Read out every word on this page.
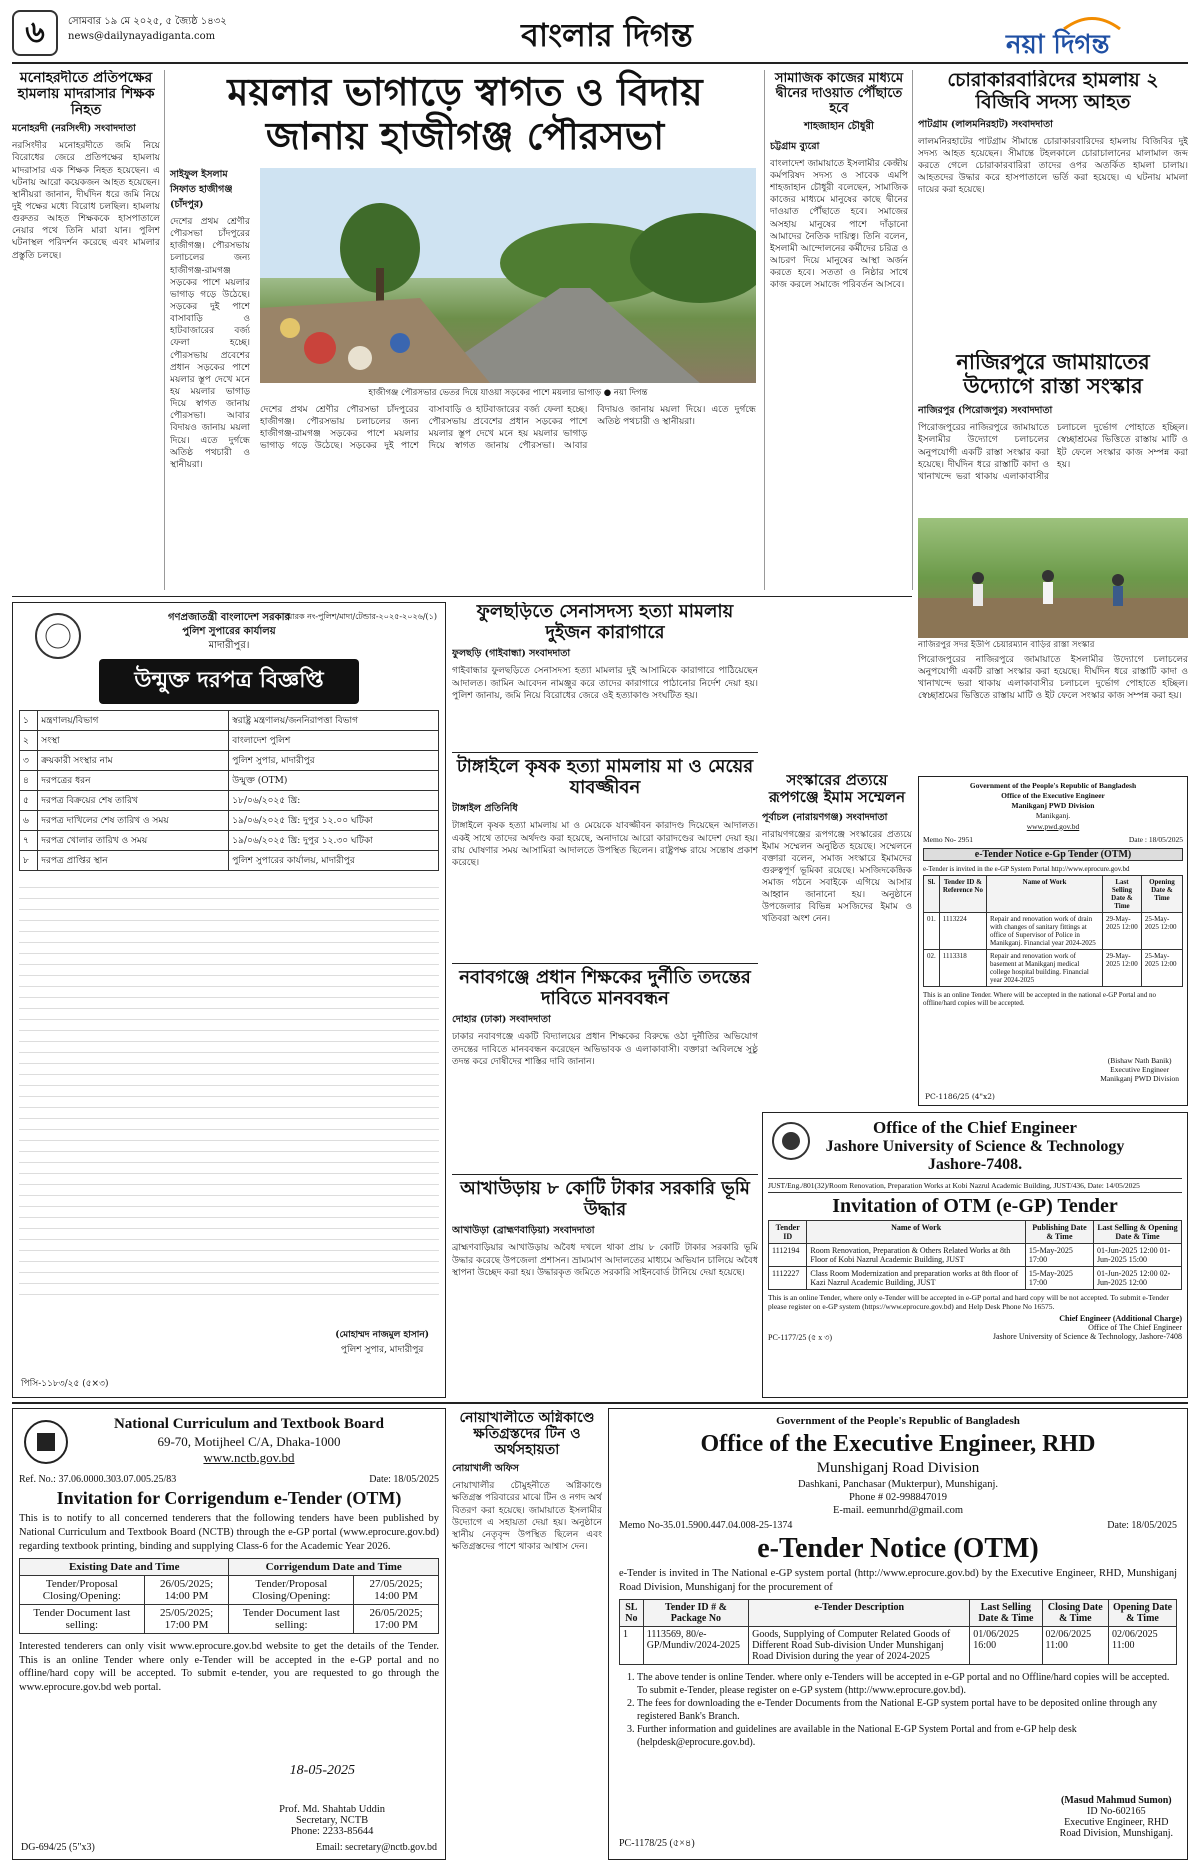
৬ সোমবার ১৯ মে ২০২৫, ৫ জ্যৈষ্ঠ ১৪৩২
news@dailynayadiganta.com	বাংলার দিগন্ত	নয়া দিগন্ত
মনোহরদীতে প্রতিপক্ষের হামলায় মাদরাসার শিক্ষক নিহত
মনোহরদী (নরসিংদী) সংবাদদাতা
নরসিংদীর মনোহরদীতে জমি নিয়ে বিরোধের জেরে প্রতিপক্ষের হামলায় মাদরাসার এক শিক্ষক নিহত হয়েছেন। এ ঘটনায় আরো কয়েকজন আহত হয়েছেন। স্থানীয়রা জানান, দীর্ঘদিন ধরে জমি নিয়ে দুই পক্ষের মধ্যে বিরোধ চলছিল। হামলায় গুরুতর আহত শিক্ষককে হাসপাতালে নেয়ার পথে তিনি মারা যান। পুলিশ ঘটনাস্থল পরিদর্শন করেছে এবং মামলার প্রস্তুতি চলছে।
ময়লার ভাগাড়ে স্বাগত ও বিদায় জানায় হাজীগঞ্জ পৌরসভা
সাইফুল ইসলাম সিফাত হাজীগঞ্জ (চাঁদপুর)
দেশের প্রথম শ্রেণীর পৌরসভা চাঁদপুরের হাজীগঞ্জ। পৌরসভায় চলাচলের জন্য হাজীগঞ্জ-রামগঞ্জ সড়কের পাশে ময়লার ভাগাড় গড়ে উঠেছে। সড়কের দুই পাশে বাসাবাড়ি ও হাটবাজারের বর্জ্য ফেলা হচ্ছে। পৌরসভায় প্রবেশের প্রধান সড়কের পাশে ময়লার স্তূপ দেখে মনে হয় ময়লার ভাগাড় দিয়ে স্বাগত জানায় পৌরসভা। আবার বিদায়ও জানায় ময়লা দিয়ে। এতে দুর্গন্ধে অতিষ্ঠ পথচারী ও স্থানীয়রা।
হাজীগঞ্জ পৌরসভার ভেতর দিয়ে যাওয়া সড়কের পাশে ময়লার ভাগাড় ● নয়া দিগন্ত
দেশের প্রথম শ্রেণীর পৌরসভা চাঁদপুরের হাজীগঞ্জ। পৌরসভায় চলাচলের জন্য হাজীগঞ্জ-রামগঞ্জ সড়কের পাশে ময়লার ভাগাড় গড়ে উঠেছে। সড়কের দুই পাশে বাসাবাড়ি ও হাটবাজারের বর্জ্য ফেলা হচ্ছে। পৌরসভায় প্রবেশের প্রধান সড়কের পাশে ময়লার স্তূপ দেখে মনে হয় ময়লার ভাগাড় দিয়ে স্বাগত জানায় পৌরসভা। আবার বিদায়ও জানায় ময়লা দিয়ে। এতে দুর্গন্ধে অতিষ্ঠ পথচারী ও স্থানীয়রা।
সামাজিক কাজের মাধ্যমে দ্বীনের দাওয়াত পৌঁছাতে হবে
শাহজাহান চৌধুরী
চট্টগ্রাম ব্যুরো
বাংলাদেশ জামায়াতে ইসলামীর কেন্দ্রীয় কর্মপরিষদ সদস্য ও সাবেক এমপি শাহজাহান চৌধুরী বলেছেন, সামাজিক কাজের মাধ্যমে মানুষের কাছে দ্বীনের দাওয়াত পৌঁছাতে হবে। সমাজের অসহায় মানুষের পাশে দাঁড়ানো আমাদের নৈতিক দায়িত্ব। তিনি বলেন, ইসলামী আন্দোলনের কর্মীদের চরিত্র ও আচরণ দিয়ে মানুষের আস্থা অর্জন করতে হবে। সততা ও নিষ্ঠার সাথে কাজ করলে সমাজে পরিবর্তন আসবে।
চোরাকারবারিদের হামলায় ২ বিজিবি সদস্য আহত
পাটগ্রাম (লালমনিরহাট) সংবাদদাতা
লালমনিরহাটের পাটগ্রাম সীমান্তে চোরাকারবারিদের হামলায় বিজিবির দুই সদস্য আহত হয়েছেন। সীমান্তে টহলকালে চোরাচালানের মালামাল জব্দ করতে গেলে চোরাকারবারিরা তাদের ওপর অতর্কিত হামলা চালায়। আহতদের উদ্ধার করে হাসপাতালে ভর্তি করা হয়েছে। এ ঘটনায় মামলা দায়ের করা হয়েছে।
নাজিরপুরে জামায়াতের উদ্যোগে রাস্তা সংস্কার
নাজিরপুর (পিরোজপুর) সংবাদদাতা
পিরোজপুরের নাজিরপুরে জামায়াতে ইসলামীর উদ্যোগে চলাচলের অনুপযোগী একটি রাস্তা সংস্কার করা হয়েছে। দীর্ঘদিন ধরে রাস্তাটি কাদা ও খানাখন্দে ভরা থাকায় এলাকাবাসীর চলাচলে দুর্ভোগ পোহাতে হচ্ছিল। স্বেচ্ছাশ্রমের ভিত্তিতে রাস্তায় মাটি ও ইট ফেলে সংস্কার কাজ সম্পন্ন করা হয়।
নাজিরপুর সদর ইউপি চেয়ারম্যান বাড়ির রাস্তা সংস্কার
পিরোজপুরের নাজিরপুরে জামায়াতে ইসলামীর উদ্যোগে চলাচলের অনুপযোগী একটি রাস্তা সংস্কার করা হয়েছে। দীর্ঘদিন ধরে রাস্তাটি কাদা ও খানাখন্দে ভরা থাকায় এলাকাবাসীর চলাচলে দুর্ভোগ পোহাতে হচ্ছিল। স্বেচ্ছাশ্রমের ভিত্তিতে রাস্তায় মাটি ও ইট ফেলে সংস্কার কাজ সম্পন্ন করা হয়।
গণপ্রজাতন্ত্রী বাংলাদেশ সরকার
পুলিশ সুপারের কার্যালয়
মাদারীপুর।
স্মারক নং-পুলিশ/মাদা/টেন্ডার-২০২৫-২০২৬/(১)
উন্মুক্ত দরপত্র বিজ্ঞপ্তি
১	মন্ত্রণালয়/বিভাগ	স্বরাষ্ট্র মন্ত্রণালয়/জননিরাপত্তা বিভাগ
২	সংস্থা	বাংলাদেশ পুলিশ
৩	ক্রয়কারী সংস্থার নাম	পুলিশ সুপার, মাদারীপুর
৪	দরপত্রের ধরন	উন্মুক্ত (OTM)
৫	দরপত্র বিক্রয়ের শেষ তারিখ	১৮/০৬/২০২৫ খ্রি:
৬	দরপত্র দাখিলের শেষ তারিখ ও সময়	১৯/০৬/২০২৫ খ্রি: দুপুর ১২.০০ ঘটিকা
৭	দরপত্র খোলার তারিখ ও সময়	১৯/০৬/২০২৫ খ্রি: দুপুর ১২.৩০ ঘটিকা
৮	দরপত্র প্রাপ্তির স্থান	পুলিশ সুপারের কার্যালয়, মাদারীপুর
(মোহাম্মদ নাজমুল হাসান)
পুলিশ সুপার, মাদারীপুর
পিসি-১১৮৩/২৫ (৫×৩)
ফুলছড়িতে সেনাসদস্য হত্যা মামলায় দুইজন কারাগারে
ফুলছড়ি (গাইবান্ধা) সংবাদদাতা
গাইবান্ধার ফুলছড়িতে সেনাসদস্য হত্যা মামলার দুই আসামিকে কারাগারে পাঠিয়েছেন আদালত। জামিন আবেদন নামঞ্জুর করে তাদের কারাগারে পাঠানোর নির্দেশ দেয়া হয়। পুলিশ জানায়, জমি নিয়ে বিরোধের জেরে ওই হত্যাকাণ্ড সংঘটিত হয়।
টাঙ্গাইলে কৃষক হত্যা মামলায় মা ও মেয়ের যাবজ্জীবন
টাঙ্গাইল প্রতিনিধি
টাঙ্গাইলে কৃষক হত্যা মামলায় মা ও মেয়েকে যাবজ্জীবন কারাদণ্ড দিয়েছেন আদালত। একই সাথে তাদের অর্থদণ্ড করা হয়েছে, অনাদায়ে আরো কারাদণ্ডের আদেশ দেয়া হয়। রায় ঘোষণার সময় আসামিরা আদালতে উপস্থিত ছিলেন। রাষ্ট্রপক্ষ রায়ে সন্তোষ প্রকাশ করেছে।
নবাবগঞ্জে প্রধান শিক্ষকের দুর্নীতি তদন্তের দাবিতে মানববন্ধন
দোহার (ঢাকা) সংবাদদাতা
ঢাকার নবাবগঞ্জে একটি বিদ্যালয়ের প্রধান শিক্ষকের বিরুদ্ধে ওঠা দুর্নীতির অভিযোগ তদন্তের দাবিতে মানববন্ধন করেছেন অভিভাবক ও এলাকাবাসী। বক্তারা অবিলম্বে সুষ্ঠু তদন্ত করে দোষীদের শাস্তির দাবি জানান।
আখাউড়ায় ৮ কোটি টাকার সরকারি ভূমি উদ্ধার
আখাউড়া (ব্রাহ্মণবাড়িয়া) সংবাদদাতা
ব্রাহ্মণবাড়িয়ার আখাউড়ায় অবৈধ দখলে থাকা প্রায় ৮ কোটি টাকার সরকারি ভূমি উদ্ধার করেছে উপজেলা প্রশাসন। ভ্রাম্যমাণ আদালতের মাধ্যমে অভিযান চালিয়ে অবৈধ স্থাপনা উচ্ছেদ করা হয়। উদ্ধারকৃত জমিতে সরকারি সাইনবোর্ড টানিয়ে দেয়া হয়েছে।
সংস্কারের প্রত্যয়ে রূপগঞ্জে ইমাম সম্মেলন
পূর্বাচল (নারায়ণগঞ্জ) সংবাদদাতা
নারায়ণগঞ্জের রূপগঞ্জে সংস্কারের প্রত্যয়ে ইমাম সম্মেলন অনুষ্ঠিত হয়েছে। সম্মেলনে বক্তারা বলেন, সমাজ সংস্কারে ইমামদের গুরুত্বপূর্ণ ভূমিকা রয়েছে। মসজিদকেন্দ্রিক সমাজ গঠনে সবাইকে এগিয়ে আসার আহ্বান জানানো হয়। অনুষ্ঠানে উপজেলার বিভিন্ন মসজিদের ইমাম ও খতিবরা অংশ নেন।
Government of the People's Republic of Bangladesh
Office of the Executive Engineer
Manikganj PWD Division
Manikganj.
www.pwd.gov.bd
Memo No- 2951	Date : 18/05/2025
e-Tender Notice e-Gp Tender (OTM)
e-Tender is invited in the e-GP System Portal http://www.eprocure.gov.bd
Sl.	Tender ID & Reference No	Name of Work	Last Selling Date & Time	Opening Date & Time
01.	1113224	Repair and renovation work of drain with changes of sanitary fittings at office of Supervisor of Police in Manikganj. Financial year 2024-2025	29-May-2025 12:00	25-May-2025 12:00
02.	1113318	Repair and renovation work of basement at Manikganj medical college hospital building. Financial year 2024-2025	29-May-2025 12:00	25-May-2025 12:00
This is an online Tender. Where will be accepted in the national e-GP Portal and no offline/hard copies will be accepted.
(Bishaw Nath Banik)
Executive Engineer
Manikganj PWD Division
PC-1186/25 (4"x2)
Office of the Chief Engineer
Jashore University of Science & Technology
Jashore-7408.
JUST/Eng./801(32)/Room Renovation, Preparation Works at Kobi Nazrul Academic Building, JUST/436, Date: 14/05/2025
Invitation of OTM (e-GP) Tender
Tender ID	Name of Work	Publishing Date & Time	Last Selling & Opening Date & Time
1112194	Room Renovation, Preparation & Others Related Works at 8th Floor of Kobi Nazrul Academic Building, JUST	15-May-2025 17:00	01-Jun-2025 12:00 01-Jun-2025 15:00
1112227	Class Room Modernization and preparation works at 8th floor of Kazi Nazrul Academic Building, JUST	15-May-2025 17:00	01-Jun-2025 12:00 02-Jun-2025 12:00
This is an online Tender, where only e-Tender will be accepted in e-GP portal and hard copy will be not accepted. To submit e-Tender please register on e-GP system (https://www.eprocure.gov.bd) and Help Desk Phone No 16575.
Chief Engineer (Additional Charge)
Office of The Chief Engineer
PC-1177/25 (৫ x ৩)	Jashore University of Science & Technology, Jashore-7408
National Curriculum and Textbook Board
69-70, Motijheel C/A, Dhaka-1000
www.nctb.gov.bd
Ref. No.: 37.06.0000.303.07.005.25/83	Date: 18/05/2025
Invitation for Corrigendum e-Tender (OTM)
This is to notify to all concerned tenderers that the following tenders have been published by National Curriculum and Textbook Board (NCTB) through the e-GP portal (www.eprocure.gov.bd) regarding textbook printing, binding and supplying Class-6 for the Academic Year 2026.
Existing Date and Time		Corrigendum Date and Time	
Tender/Proposal Closing/Opening:	26/05/2025; 14:00 PM	Tender/Proposal Closing/Opening:	27/05/2025; 14:00 PM
Tender Document last selling:	25/05/2025; 17:00 PM	Tender Document last selling:	26/05/2025; 17:00 PM
Interested tenderers can only visit www.eprocure.gov.bd website to get the details of the Tender. This is an online Tender where only e-Tender will be accepted in the e-GP portal and no offline/hard copy will be accepted. To submit e-tender, you are requested to go through the www.eprocure.gov.bd web portal.
18-05-2025
Prof. Md. Shahtab Uddin
Secretary, NCTB
Phone: 2233-85644
DG-694/25 (5"x3)	Email: secretary@nctb.gov.bd
নোয়াখালীতে অগ্নিকাণ্ডে ক্ষতিগ্রস্তদের টিন ও অর্থসহায়তা
নোয়াখালী অফিস
নোয়াখালীর চৌমুহনীতে অগ্নিকাণ্ডে ক্ষতিগ্রস্ত পরিবারের মাঝে টিন ও নগদ অর্থ বিতরণ করা হয়েছে। জামায়াতে ইসলামীর উদ্যোগে এ সহায়তা দেয়া হয়। অনুষ্ঠানে স্থানীয় নেতৃবৃন্দ উপস্থিত ছিলেন এবং ক্ষতিগ্রস্তদের পাশে থাকার আশ্বাস দেন।
Government of the People's Republic of Bangladesh
Office of the Executive Engineer, RHD
Munshiganj Road Division
Dashkani, Panchasar (Mukterpur), Munshiganj.
Phone # 02-998847019
E-mail. eemunrhd@gmail.com
Memo No-35.01.5900.447.04.008-25-1374	Date: 18/05/2025
e-Tender Notice (OTM)
e-Tender is invited in The National e-GP system portal (http://www.eprocure.gov.bd) by the Executive Engineer, RHD, Munshiganj Road Division, Munshiganj for the procurement of
SL No	Tender ID # & Package No	e-Tender Description	Last Selling Date & Time	Closing Date & Time	Opening Date & Time
1	1113569, 80/e-GP/Mundiv/2024-2025	Goods, Supplying of Computer Related Goods of Different Road Sub-division Under Munshiganj Road Division during the year of 2024-2025	01/06/2025 16:00	02/06/2025 11:00	02/06/2025 11:00
1. The above tender is online Tender. where only e-Tenders will be accepted in e-GP portal and no Offline/hard copies will be accepted. To submit e-Tender, please register on e-GP system (http://www.eprocure.gov.bd).
2. The fees for downloading the e-Tender Documents from the National E-GP system portal have to be deposited online through any registered Bank's Branch.
3. Further information and guidelines are available in the National E-GP System Portal and from e-GP help desk (helpdesk@eprocure.gov.bd).
(Masud Mahmud Sumon)
ID No-602165
Executive Engineer, RHD
Road Division, Munshiganj.
PC-1178/25 (৫×৪)
